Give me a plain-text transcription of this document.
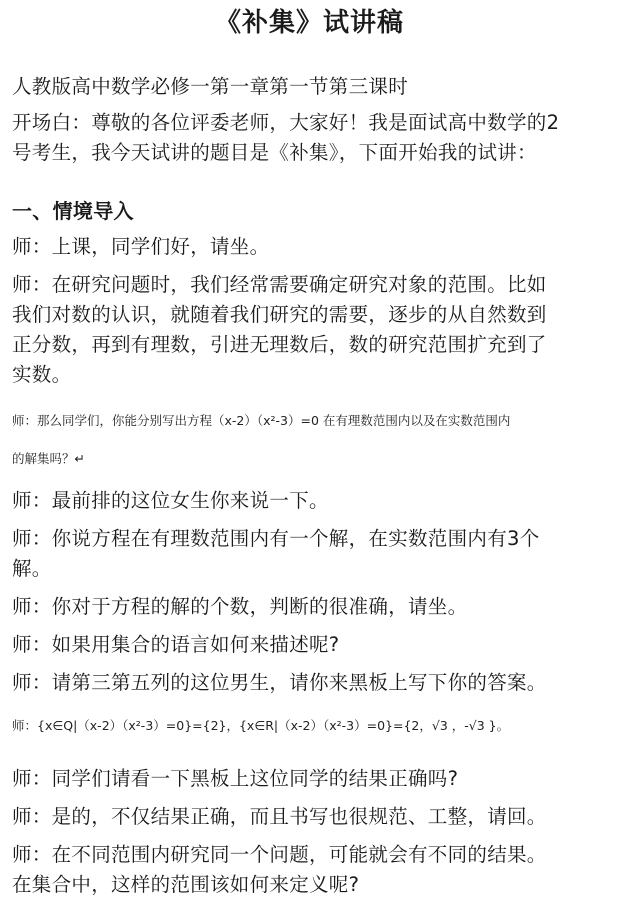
《补集》试讲稿
人教版高中数学必修一第一章第一节第三课时
开场白：尊敬的各位评委老师，大家好！我是面试高中数学的2
号考生，我今天试讲的题目是《补集》，下面开始我的试讲：
一、情境导入
师：上课，同学们好，请坐。
师：在研究问题时，我们经常需要确定研究对象的范围。比如
我们对数的认识，就随着我们研究的需要，逐步的从自然数到
正分数，再到有理数，引进无理数后，数的研究范围扩充到了
实数。
师：那么同学们，你能分别写出方程（x-2）（x²-3）=0 在有理数范围内以及在实数范围内
的解集吗？↵
师：最前排的这位女生你来说一下。
师：你说方程在有理数范围内有一个解，在实数范围内有3个
解。
师：你对于方程的解的个数，判断的很准确，请坐。
师：如果用集合的语言如何来描述呢?
师：请第三第五列的这位男生，请你来黑板上写下你的答案。
师：{x∈Q|（x-2）（x²-3）=0}={2}，{x∈R|（x-2）（x²-3）=0}={2，√3 ，-√3 }。
师：同学们请看一下黑板上这位同学的结果正确吗?
师：是的，不仅结果正确，而且书写也很规范、工整，请回。
师：在不同范围内研究同一个问题，可能就会有不同的结果。
在集合中，这样的范围该如何来定义呢?
